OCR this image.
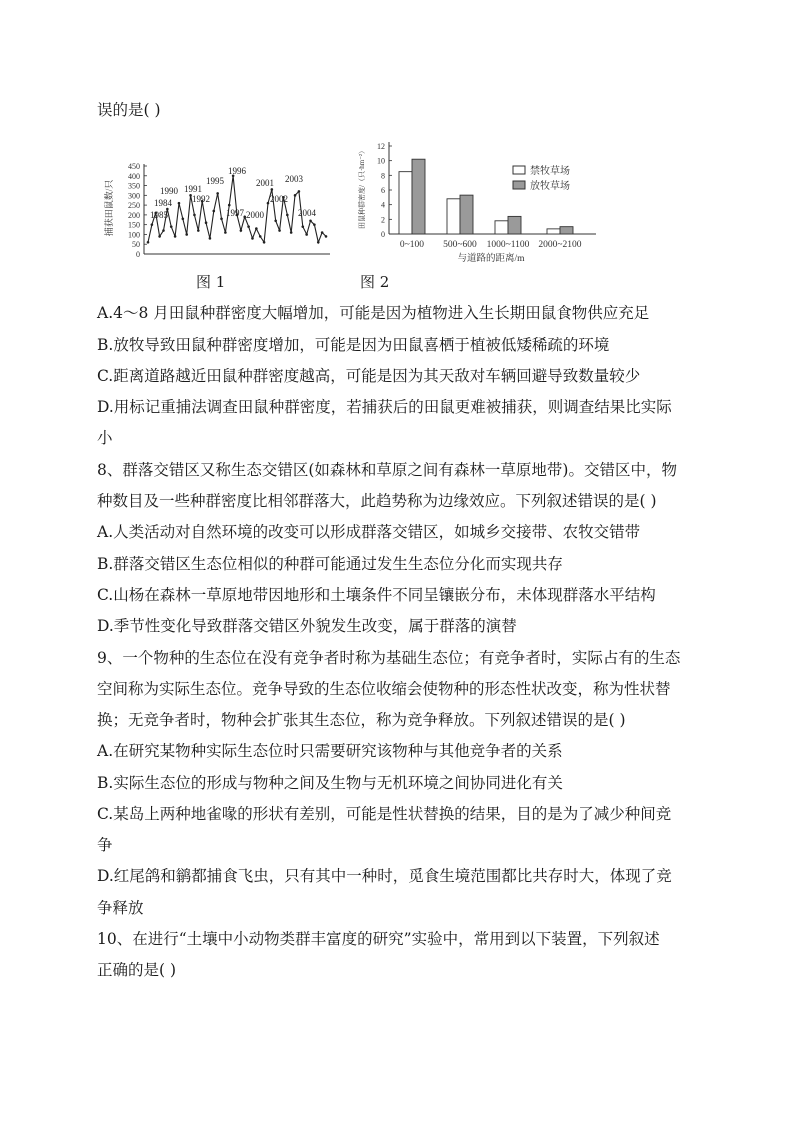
误的是( )
捕获田鼠数/只
450
400
350
300
250
200
150
100
50
0
1984
1985
1990 1991
1992
1995
1996
1997 2000
2001
2002
2003
2004
图 1
田鼠种群密度/（只·hm⁻²）
12
10
8
6
4
2
0
0~100 500~600 1000~1100 2000~2100
与道路的距离/m
禁牧草场
放牧草场
图 2
A.4～8 月田鼠种群密度大幅增加，可能是因为植物进入生长期田鼠食物供应充足
B.放牧导致田鼠种群密度增加，可能是因为田鼠喜栖于植被低矮稀疏的环境
C.距离道路越近田鼠种群密度越高，可能是因为其天敌对车辆回避导致数量较少
D.用标记重捕法调查田鼠种群密度，若捕获后的田鼠更难被捕获，则调查结果比实际
小
8、群落交错区又称生态交错区(如森林和草原之间有森林一草原地带)。交错区中，物
种数目及一些种群密度比相邻群落大，此趋势称为边缘效应。下列叙述错误的是( )
A.人类活动对自然环境的改变可以形成群落交错区，如城乡交接带、农牧交错带
B.群落交错区生态位相似的种群可能通过发生生态位分化而实现共存
C.山杨在森林一草原地带因地形和土壤条件不同呈镶嵌分布，未体现群落水平结构
D.季节性变化导致群落交错区外貌发生改变，属于群落的演替
9、一个物种的生态位在没有竞争者时称为基础生态位；有竞争者时，实际占有的生态
空间称为实际生态位。竞争导致的生态位收缩会使物种的形态性状改变，称为性状替
换；无竞争者时，物种会扩张其生态位，称为竞争释放。下列叙述错误的是( )
A.在研究某物种实际生态位时只需要研究该物种与其他竞争者的关系
B.实际生态位的形成与物种之间及生物与无机环境之间协同进化有关
C.某岛上两种地雀喙的形状有差别，可能是性状替换的结果，目的是为了减少种间竞
争
D.红尾鸽和鹟都捕食飞虫，只有其中一种时，觅食生境范围都比共存时大，体现了竞
争释放
10、在进行“土壤中小动物类群丰富度的研究”实验中，常用到以下装置，下列叙述
正确的是( )
